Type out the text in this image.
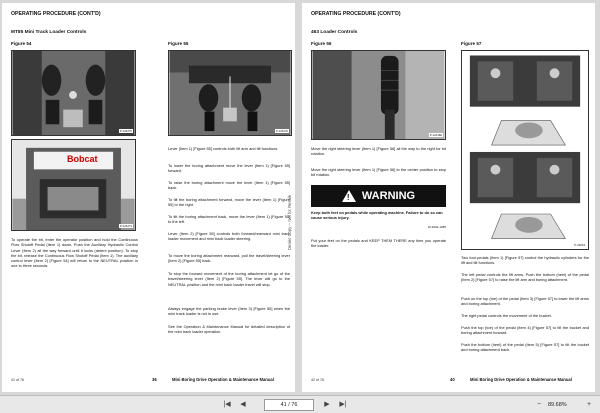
OPERATING PROCEDURE (CONT'D)
MT85 Mini Track Loader Controls
Figure 54	Figure 55
P-124270	P-124270
Bobcat
P-124271
To operate the bit, enter the operator position and hold the Continuous Flow Shutoff Pedal (Item 1) down, Push the Auxiliary Hydraulic Control Lever (Item 2) all the way forward until it locks (detent position). To stop the bit, release the Continuous Flow Shutoff Pedal (Item 1). The auxiliary control lever (Item 2) [Figure 54] will return to the NEUTRAL position in one to three seconds.
Lever (Item 1) [Figure 55] controls both lift arm and tilt functions.
To lower the boring attachment move the lever (Item 1) [Figure 55] forward.
To raise the boring attachment move the lever (Item 1) [Figure 55] back.
To tilt the boring attachment forward, move the lever (Item 1) [Figure 55] to the right.
To tilt the boring attachment back, move the lever (Item 1) [Figure 55] to the left.
Lever (Item 2) [Figure 55] controls both forward/rearward mini track loader movement and mini track loader steering.
To move the boring attachment rearward, pull the travel/steering lever (Item 2) [Figure 55] back.
To stop the forward movement of the boring attachment let go of the travel/steering lever (Item 2) [Figure 55]. The lever will go to the NEUTRAL position and the mini track loader travel will stop.
Always engage the parking brake lever (Item 3) [Figure 55] when the mini track loader is not in use.
See the Operation & Maintenance Manual for detailed description of the mini track loader operation.
41 of 76	36	Mini Boring Drive Operation & Maintenance Manual
Dealer Copy -- Not for Resale
OPERATING PROCEDURE (CONT'D)
463 Loader Controls
Figure 56	Figure 57
P-124182
Move the right steering lever (Item 1) [Figure 56] all the way to the right for bit rotation.
Move the right steering lever (Item 1) [Figure 56] to the center position to stop bit rotation.
! WARNING
Keep both feet on pedals while operating machine. Failure to do so can cause serious injury.
W-2002-1285
Put your feet on the pedals and KEEP THEM THERE any time you operate the loader.	P-29219
Two foot pedals (Item 1) [Figure 57] control the hydraulic cylinders for the lift and tilt functions.
The left pedal controls the lift arms. Push the bottom (heel) of the pedal (Item 2) [Figure 57] to raise the lift arm and boring attachment.
Push on the top (toe) of the pedal (Item 3) [Figure 57] to lower the lift arms and boring attachment.
The right pedal controls the movement of the bucket.
Push the top (toe) of the pedal (Item 4) [Figure 57] to tilt the bucket and boring attachment forward.
Push the bottom (heel) of the pedal (Item 5) [Figure 57] to tilt the bucket and boring attachment back.
42 of 76	40	Mini Boring Drive Operation & Maintenance Manual
|◀	◀	41 / 76	▶	▶|	−	89.68%	+
